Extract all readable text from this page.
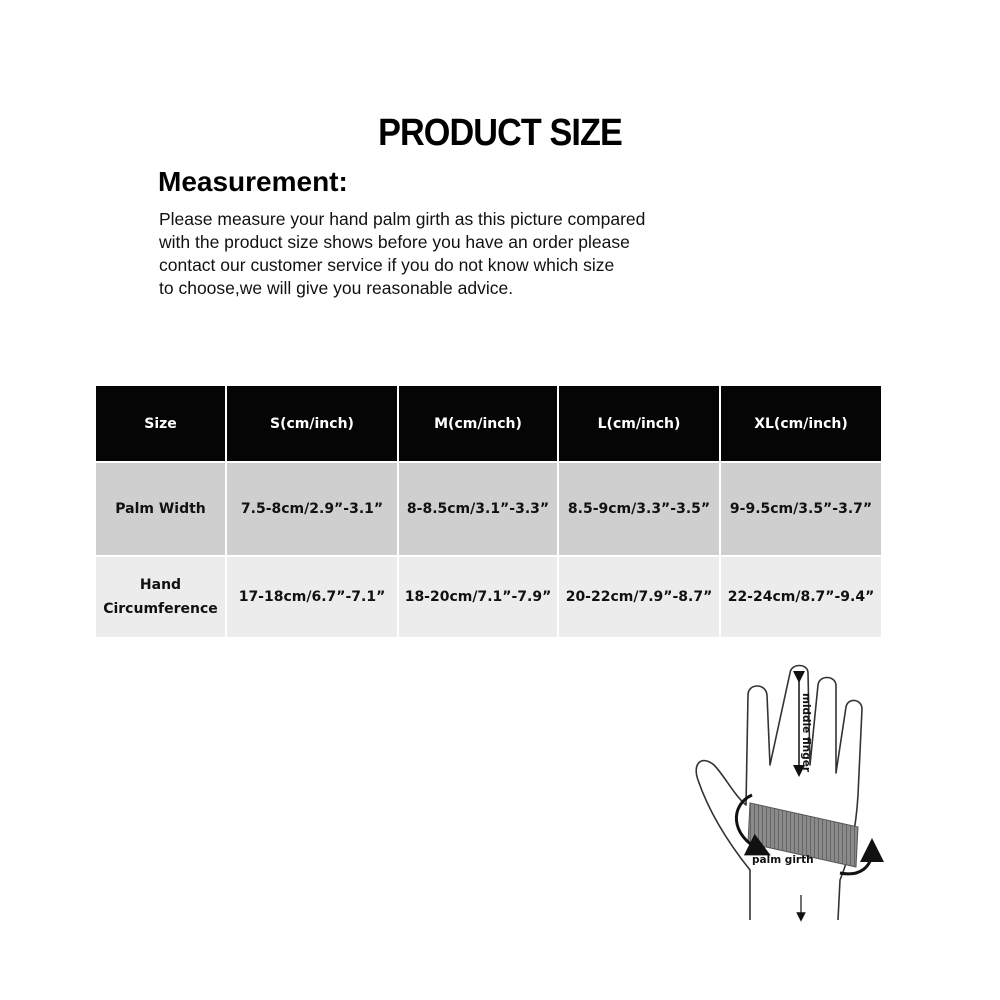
PRODUCT SIZE
Measurement:
Please measure your hand palm girth as this picture compared
with the product size shows before you have an order please
contact our customer service if you do not know which size
to choose,we will give you reasonable advice.
Size	S(cm/inch)	M(cm/inch)	L(cm/inch)	XL(cm/inch)
Palm Width	7.5-8cm/2.9”-3.1”	8-8.5cm/3.1”-3.3”	8.5-9cm/3.3”-3.5”	9-9.5cm/3.5”-3.7”

Hand
Circumference	17-18cm/6.7”-7.1”	18-20cm/7.1”-7.9”	20-22cm/7.9”-8.7”	22-24cm/8.7”-9.4”
middle finger
palm girth
